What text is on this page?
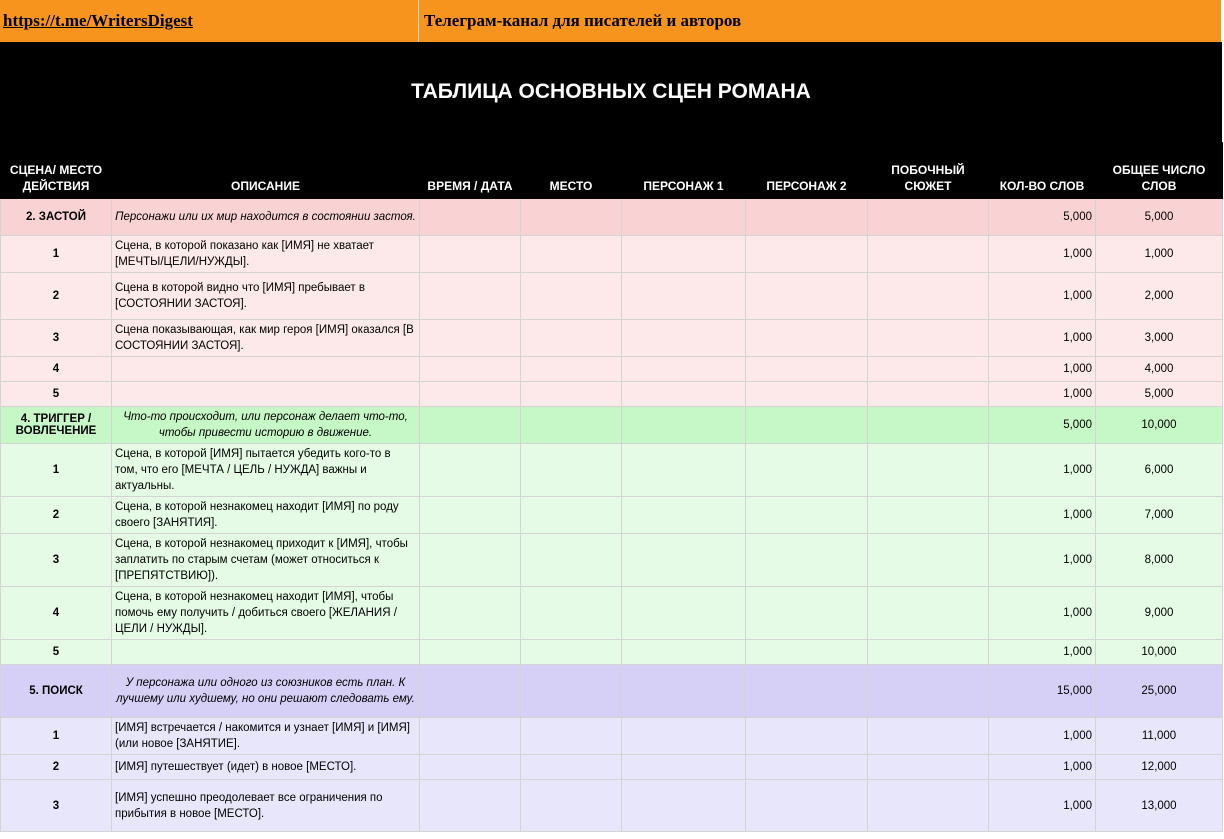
https://t.me/WritersDigest	Телеграм-канал для писателей и авторов
ТАБЛИЦА ОСНОВНЫХ СЦЕН РОМАНА
СЦЕНА/ МЕСТО ДЕЙСТВИЯ	ОПИСАНИЕ	ВРЕМЯ / ДАТА	МЕСТО	ПЕРСОНАЖ 1	ПЕРСОНАЖ 2	ПОБОЧНЫЙ СЮЖЕТ	КОЛ-ВО СЛОВ	ОБЩЕЕ ЧИСЛО СЛОВ
2. ЗАСТОЙ	Персонажи или их мир находится в состоянии застоя.						5,000	5,000
1	Сцена, в которой показано как [ИМЯ] не хватает [МЕЧТЫ/ЦЕЛИ/НУЖДЫ].						1,000	1,000
2	Сцена в которой видно что [ИМЯ] пребывает в [СОСТОЯНИИ ЗАСТОЯ].						1,000	2,000
3	Сцена показывающая, как мир героя [ИМЯ] оказался [В СОСТОЯНИИ ЗАСТОЯ].						1,000	3,000
4							1,000	4,000
5							1,000	5,000
4. ТРИГГЕР / ВОВЛЕЧЕНИЕ	Что-то происходит, или персонаж делает что-то, чтобы привести историю в движение.						5,000	10,000
1	Сцена, в которой [ИМЯ] пытается убедить кого-то в том, что его [МЕЧТА / ЦЕЛЬ / НУЖДА] важны и актуальны.						1,000	6,000
2	Сцена, в которой незнакомец находит [ИМЯ] по роду своего [ЗАНЯТИЯ].						1,000	7,000
3	Сцена, в которой незнакомец приходит к [ИМЯ], чтобы заплатить по старым счетам (может относиться к [ПРЕПЯТСТВИЮ]).						1,000	8,000
4	Сцена, в которой незнакомец находит [ИМЯ], чтобы помочь ему получить / добиться своего [ЖЕЛАНИЯ / ЦЕЛИ / НУЖДЫ].						1,000	9,000
5							1,000	10,000
5. ПОИСК	У персонажа или одного из союзников есть план. К лучшему или худшему, но они решают следовать ему.						15,000	25,000
1	[ИМЯ] встречается / накомится и узнает [ИМЯ] и [ИМЯ] (или новое [ЗАНЯТИЕ].						1,000	11,000
2	[ИМЯ] путешествует (идет) в новое [МЕСТО].						1,000	12,000
3	[ИМЯ] успешно преодолевает все ограничения по прибытия в новое [МЕСТО].						1,000	13,000
